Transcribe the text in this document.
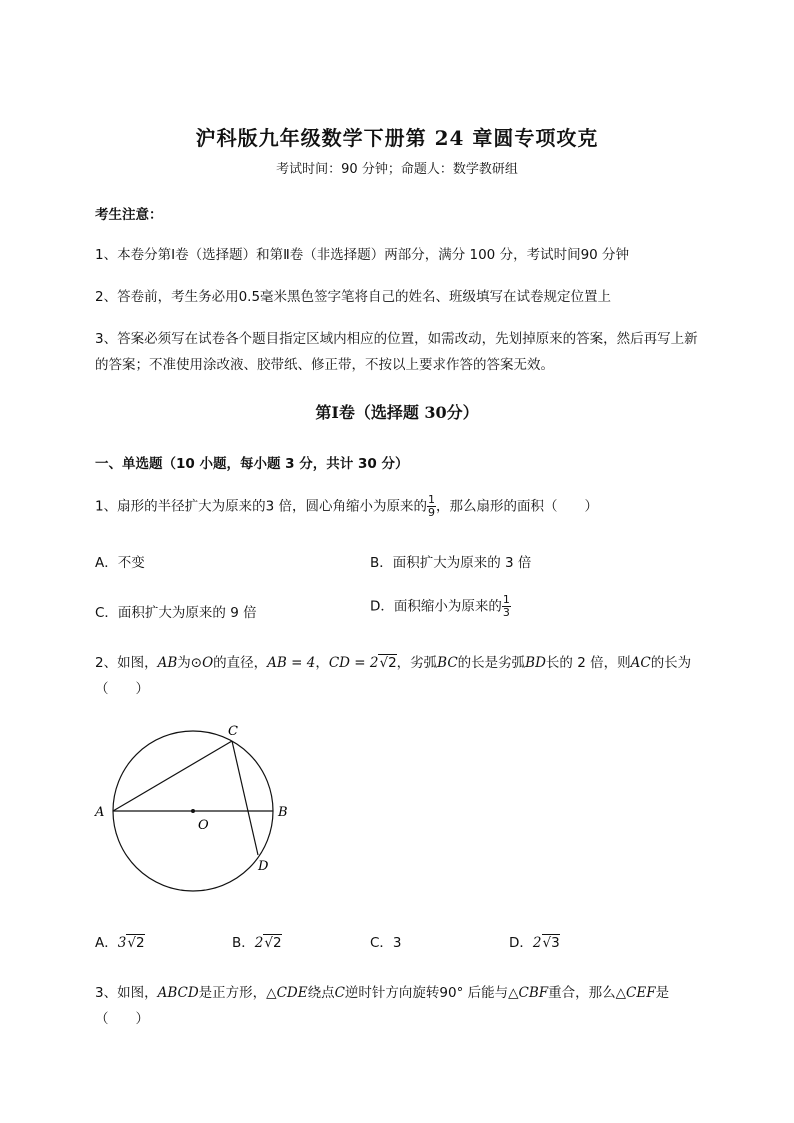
沪科版九年级数学下册第 24 章圆专项攻克
考试时间：90 分钟；命题人：数学教研组
考生注意：
1、本卷分第Ⅰ卷（选择题）和第Ⅱ卷（非选择题）两部分，满分 100 分，考试时间90 分钟
2、答卷前，考生务必用0.5毫米黑色签字笔将自己的姓名、班级填写在试卷规定位置上
3、答案必须写在试卷各个题目指定区域内相应的位置，如需改动，先划掉原来的答案，然后再写上新
的答案；不准使用涂改液、胶带纸、修正带，不按以上要求作答的答案无效。
第Ⅰ卷（选择题 30分）
一、单选题（10 小题，每小题 3 分，共计 30 分）
1、扇形的半径扩大为原来的3 倍，圆心角缩小为原来的 $\frac{1}{9}$ ，那么扇形的面积（　　）
A．不变	B．面积扩大为原来的 3 倍
C．面积扩大为原来的 9 倍	D．面积缩小为原来的 $\frac{1}{3}$
2、如图，AB为⊙O的直径，AB = 4，CD = 2√2，劣弧BC的长是劣弧BD长的 2 倍，则AC的长为
（　　）
A	B
C
D
O
A．3√2	B．2√2	C．3	D．2√3
3、如图，ABCD是正方形，△CDE绕点C逆时针方向旋转90° 后能与△CBF重合，那么△CEF是
（　　）
